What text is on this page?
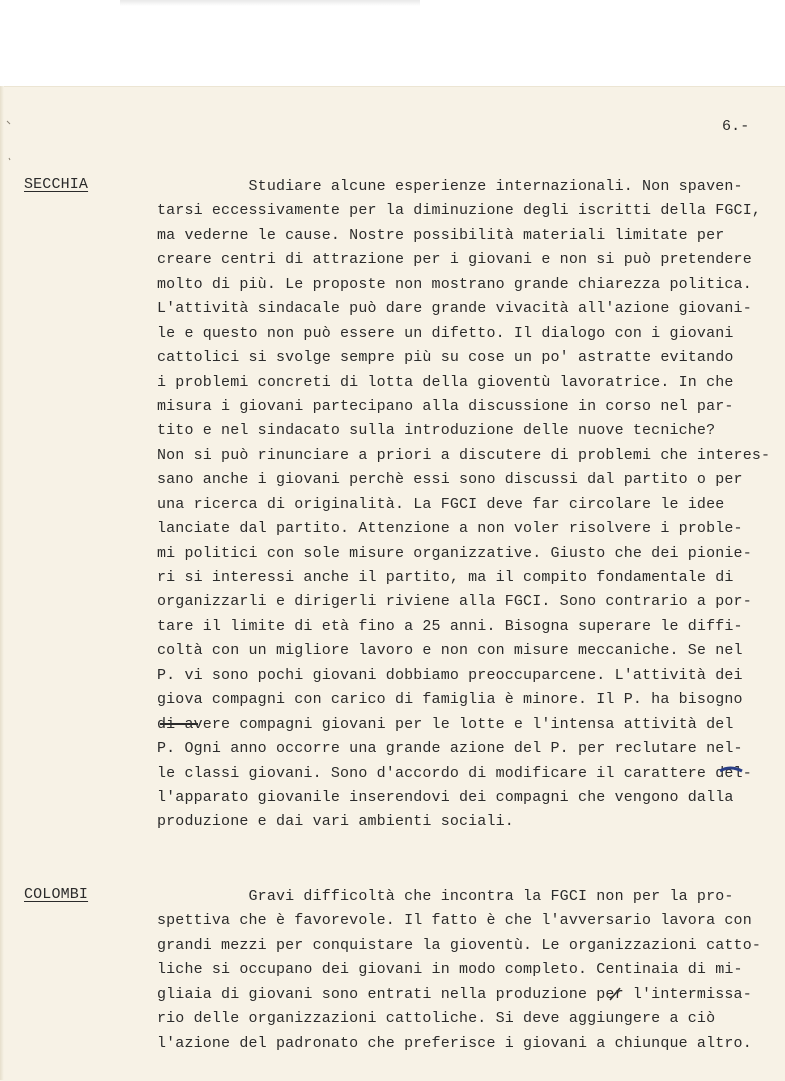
6.-
SECCHIA	Studiare alcune esperienze internazionali. Non spaven-
tarsi eccessivamente per la diminuzione degli iscritti della FGCI,
ma vederne le cause. Nostre possibilità materiali limitate per
creare centri di attrazione per i giovani e non si può pretendere
molto di più. Le proposte non mostrano grande chiarezza politica.
L'attività sindacale può dare grande vivacità all'azione giovani-
le e questo non può essere un difetto. Il dialogo con i giovani
cattolici si svolge sempre più su cose un po' astratte evitando
i problemi concreti di lotta della gioventù lavoratrice. In che
misura i giovani partecipano alla discussione in corso nel par-
tito e nel sindacato sulla introduzione delle nuove tecniche?
Non si può rinunciare a priori a discutere di problemi che interes-
sano anche i giovani perchè essi sono discussi dal partito o per
una ricerca di originalità. La FGCI deve far circolare le idee
lanciate dal partito. Attenzione a non voler risolvere i proble-
mi politici con sole misure organizzative. Giusto che dei pionie-
ri si interessi anche il partito, ma il compito fondamentale di
organizzarli e dirigerli riviene alla FGCI. Sono contrario a por-
tare il limite di età fino a 25 anni. Bisogna superare le diffi-
coltà con un migliore lavoro e non con misure meccaniche. Se nel
P. vi sono pochi giovani dobbiamo preoccuparcene. L'attività dei
giova compagni con carico di famiglia è minore. Il P. ha bisogno
di avere compagni giovani per le lotte e l'intensa attività del
P. Ogni anno occorre una grande azione del P. per reclutare nel-
le classi giovani. Sono d'accordo di modificare il carattere del-
l'apparato giovanile inserendovi dei compagni che vengono dalla
produzione e dai vari ambienti sociali.
COLOMBI	Gravi difficoltà che incontra la FGCI non per la pro-
spettiva che è favorevole. Il fatto è che l'avversario lavora con
grandi mezzi per conquistare la gioventù. Le organizzazioni catto-
liche si occupano dei giovani in modo completo. Centinaia di mi-
gliaia di giovani sono entrati nella produzione per l'intermissa-
rio delle organizzazioni cattoliche. Si deve aggiungere a ciò
l'azione del padronato che preferisce i giovani a chiunque altro.
